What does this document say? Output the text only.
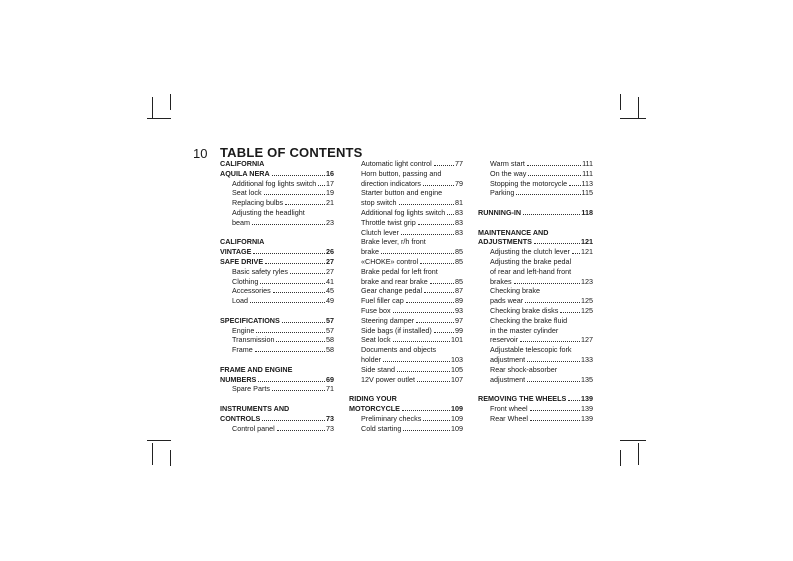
10 TABLE OF CONTENTS
CALIFORNIA
AQUILA NERA	16
Additional fog lights switch 17
Seat lock	19
Replacing bulbs	21
Adjusting the headlight
beam	23
CALIFORNIA
VINTAGE	26
SAFE DRIVE	27
Basic safety ryles	27
Clothing	41
Accessories	45
Load	49
SPECIFICATIONS	57
Engine	57
Transmission	58
Frame	58
FRAME AND ENGINE
NUMBERS	69
Spare Parts	71
INSTRUMENTS AND
CONTROLS	73
Control panel	73
Automatic light control	77
Horn button, passing and
direction indicators	79
Starter button and engine
stop switch	81
Additional fog lights switch 83
Throttle twist grip	83
Clutch lever	83
Brake lever, r/h front
brake	85
«CHOKE» control	85
Brake pedal for left front
brake and rear brake	85
Gear change pedal	87
Fuel filler cap	89
Fuse box	93
Steering damper	97
Side bags (if installed)	99
Seat lock	101
Documents and objects
holder	103
Side stand	105
12V power outlet	107
RIDING YOUR
MOTORCYCLE	109
Preliminary checks	109
Cold starting	109
Warm start	111
On the way	111
Stopping the motorcycle 113
Parking	115
RUNNING-IN	118
MAINTENANCE AND
ADJUSTMENTS	121
Adjusting the clutch lever 121
Adjusting the brake pedal
of rear and left-hand front
brakes	123
Checking brake
pads wear	125
Checking brake disks	125
Checking the brake fluid
in the master cylinder
reservoir	127
Adjustable telescopic fork
adjustment	133
Rear shock-absorber
adjustment	135
REMOVING THE WHEELS 139
Front wheel	139
Rear Wheel	139
